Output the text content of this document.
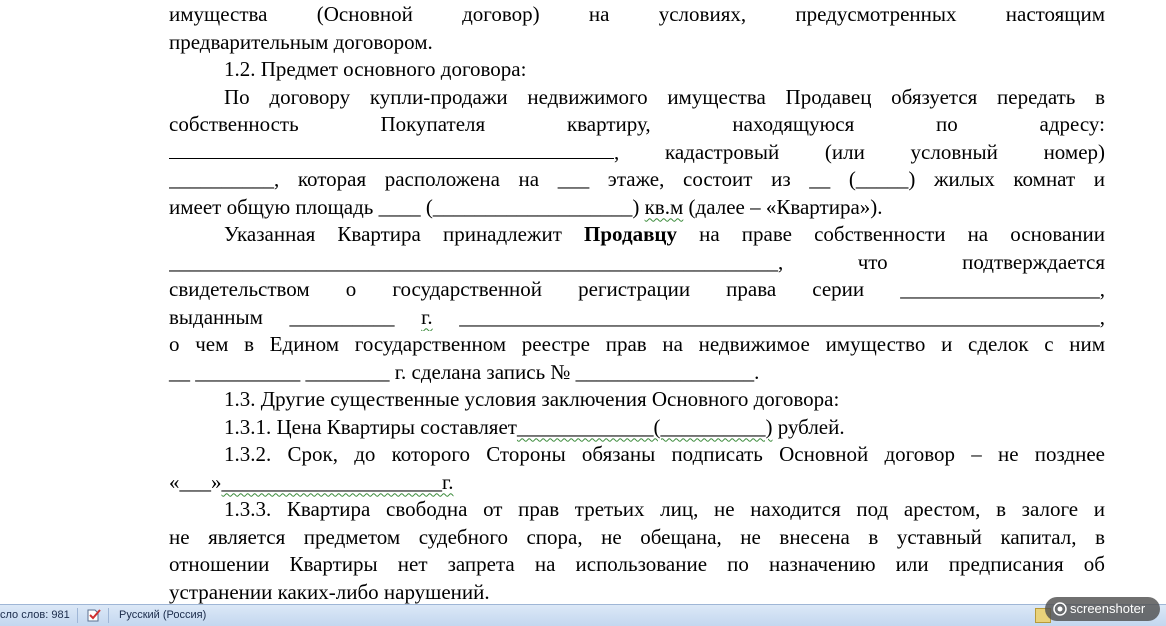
имущества (Основной договор) на условиях, предусмотренных настоящим
предварительным договором.
1.2. Предмет основного договора:
По договору купли-продажи недвижимого имущества Продавец обязуется передать в
собственность Покупателя квартиру, находящуюся по адресу:
, кадастровый (или условный номер)
__________, которая расположена на ___ этаже, состоит из __ (_____) жилых комнат и
имеет общую площадь ____ (___________________) кв.м (далее – «Квартира»).
Указанная Квартира принадлежит Продавцу на праве собственности на основании
__________________________________________________________,	что подтверждается
свидетельством о государственной регистрации права серии ___________________,
выданным __________ г. _____________________________________________________________,
о чем в Едином государственном реестре прав на недвижимое имущество и сделок с ним
__ __________ ________ г. сделана запись № _________________.
1.3. Другие существенные условия заключения Основного договора:
1.3.1. Цена Квартиры составляет_____________(__________) рублей.
1.3.2. Срок, до которого Стороны обязаны подписать Основной договор – не позднее
«___»_____________________г.
1.3.3. Квартира свободна от прав третьих лиц, не находится под арестом, в залоге и
не является предметом судебного спора, не обещана, не внесена в уставный капитал, в
отношении Квартиры нет запрета на использование по назначению или предписания об
устранении каких-либо нарушений.
сло слов: 981	Русский (Россия)	screenshoter
